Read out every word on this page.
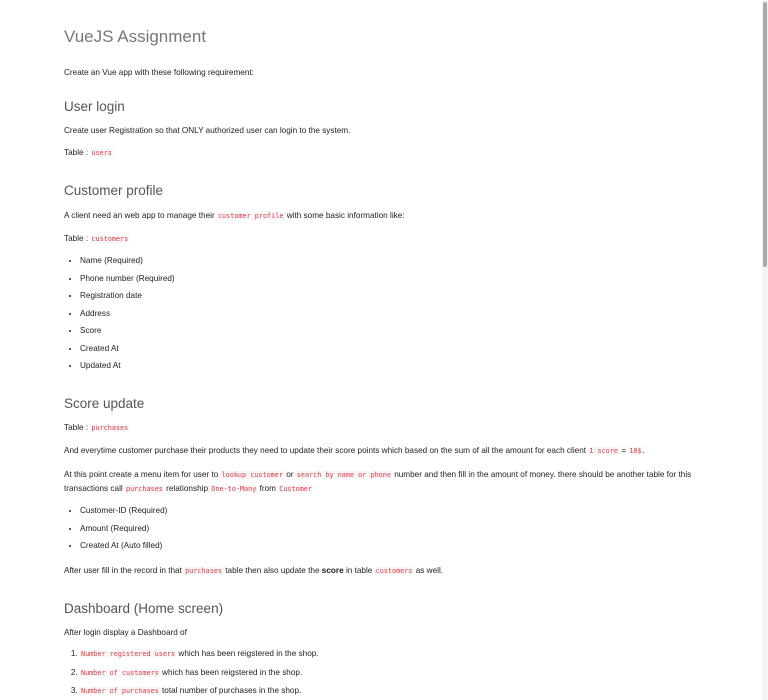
VueJS Assignment

Create an Vue app with these following requirement:

User login

Create user Registration so that ONLY authorized user can login to the system.

Table : users

Customer profile

A client need an web app to manage their customer profile with some basic information like:

Table : customers

• Name (Required)
• Phone number (Required)
• Registration date
• Address
• Score
• Created At
• Updated At
Score update

Table : purchases

And everytime customer purchase their products they need to update their score points which based on the sum of all the amount for each client 1 score = 10$.

At this point create a menu item for user to lookup customer or search by name or phone number and then fill in the amount of money. there should be another table for this transactions call purchases relationship One-to-Many from Customer

• Customer-ID (Required)
• Amount (Required)
• Created At (Auto filled)

After user fill in the record in that purchases table then also update the score in table customers as well.

Dashboard (Home screen)

After login display a Dashboard of

1. Number registered users which has been reigstered in the shop.
2. Number of customers which has been reigstered in the shop.
3. Number of purchases total number of purchases in the shop.
